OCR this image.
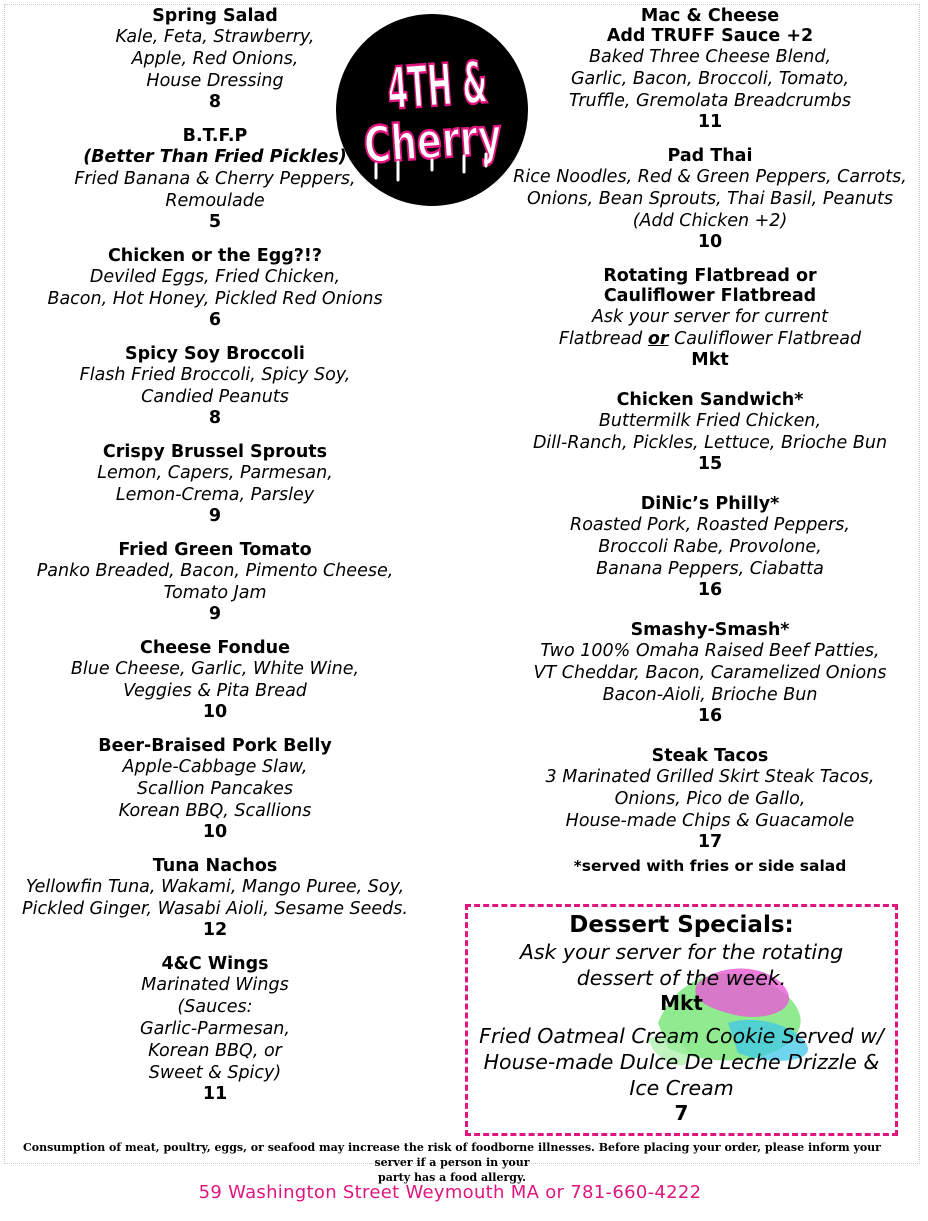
Spring Salad
Kale, Feta, Strawberry,
Apple, Red Onions,
House Dressing
8
B.T.F.P
(Better Than Fried Pickles)
Fried Banana & Cherry Peppers,
Remoulade
5
Chicken or the Egg?!?
Deviled Eggs, Fried Chicken,
Bacon, Hot Honey, Pickled Red Onions
6
Spicy Soy Broccoli
Flash Fried Broccoli, Spicy Soy,
Candied Peanuts
8
Crispy Brussel Sprouts
Lemon, Capers, Parmesan,
Lemon-Crema, Parsley
9
Fried Green Tomato
Panko Breaded, Bacon, Pimento Cheese,
Tomato Jam
9
Cheese Fondue
Blue Cheese, Garlic, White Wine,
Veggies & Pita Bread
10
Beer-Braised Pork Belly
Apple-Cabbage Slaw,
Scallion Pancakes
Korean BBQ, Scallions
10
Tuna Nachos
Yellowfin Tuna, Wakami, Mango Puree, Soy,
Pickled Ginger, Wasabi Aioli, Sesame Seeds.
12
4&C Wings
Marinated Wings
(Sauces:
Garlic-Parmesan,
Korean BBQ, or
Sweet & Spicy)
11
4TH &
Cherry
Mac & Cheese
Add TRUFF Sauce +2
Baked Three Cheese Blend,
Garlic, Bacon, Broccoli, Tomato,
Truffle, Gremolata Breadcrumbs
11
Pad Thai
Rice Noodles, Red & Green Peppers, Carrots,
Onions, Bean Sprouts, Thai Basil, Peanuts
(Add Chicken +2)
10
Rotating Flatbread or
Cauliflower Flatbread
Ask your server for current
Flatbread or Cauliflower Flatbread
Mkt
Chicken Sandwich*
Buttermilk Fried Chicken,
Dill-Ranch, Pickles, Lettuce, Brioche Bun
15
DiNic’s Philly*
Roasted Pork, Roasted Peppers,
Broccoli Rabe, Provolone,
Banana Peppers, Ciabatta
16
Smashy-Smash*
Two 100% Omaha Raised Beef Patties,
VT Cheddar, Bacon, Caramelized Onions
Bacon-Aioli, Brioche Bun
16
Steak Tacos
3 Marinated Grilled Skirt Steak Tacos,
Onions, Pico de Gallo,
House-made Chips & Guacamole
17
*served with fries or side salad
Dessert Specials:
Ask your server for the rotating
dessert of the week.
Mkt
Fried Oatmeal Cream Cookie Served w/
House-made Dulce De Leche Drizzle &
Ice Cream
7
Consumption of meat, poultry, eggs, or seafood may increase the risk of foodborne illnesses. Before placing your order, please inform your server if a person in your
party has a food allergy.
59 Washington Street Weymouth MA or 781-660-4222
